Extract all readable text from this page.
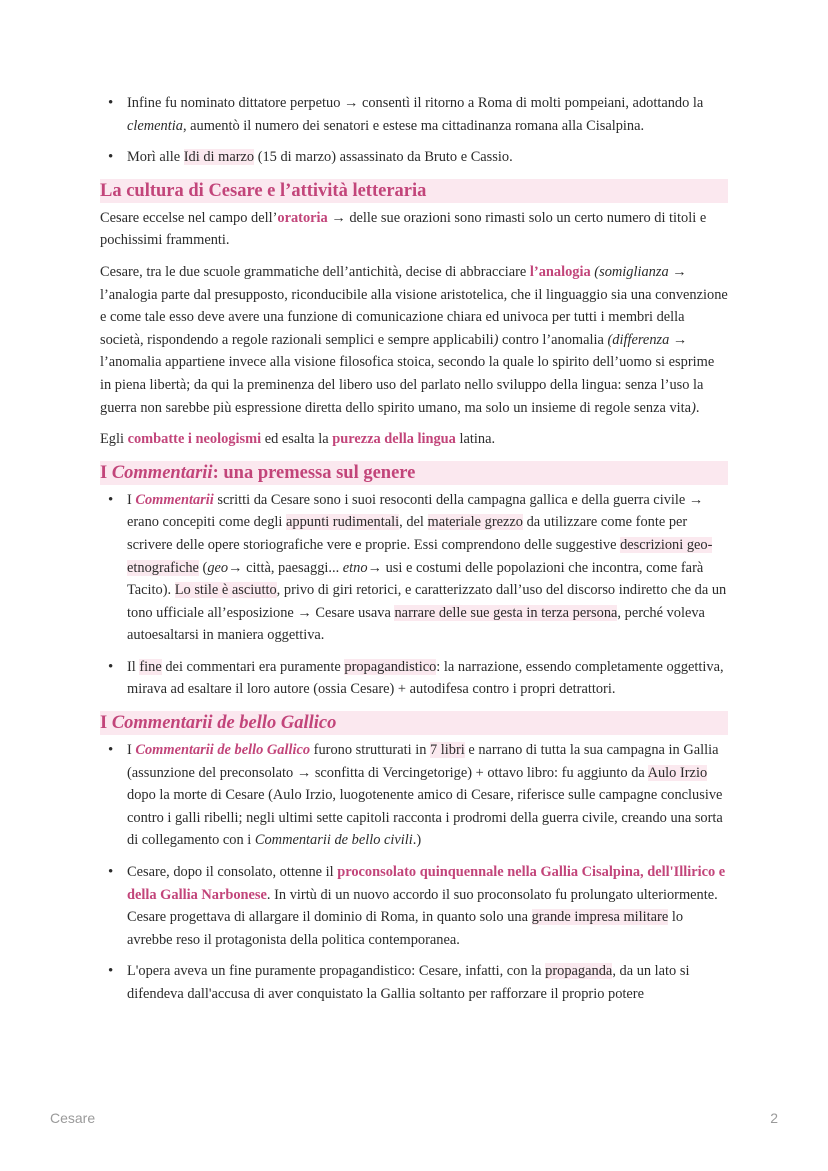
• Infine fu nominato dittatore perpetuo → consentì il ritorno a Roma di molti pompeiani, adottando la clementia, aumentò il numero dei senatori e estese ma cittadinanza romana alla Cisalpina.
• Morì alle Idi di marzo (15 di marzo) assassinato da Bruto e Cassio.
La cultura di Cesare e l’attività letteraria

Cesare eccelse nel campo dell’oratoria → delle sue orazioni sono rimasti solo un certo numero di titoli e pochissimi frammenti.

Cesare, tra le due scuole grammatiche dell’antichità, decise di abbracciare l’analogia (somiglianza → l’analogia parte dal presupposto, riconducibile alla visione aristotelica, che il linguaggio sia una convenzione e come tale esso deve avere una funzione di comunicazione chiara ed univoca per tutti i membri della società, rispondendo a regole razionali semplici e sempre applicabili) contro l’anomalia (differenza → l’anomalia appartiene invece alla visione filosofica stoica, secondo la quale lo spirito dell’uomo si esprime in piena libertà; da qui la preminenza del libero uso del parlato nello sviluppo della lingua: senza l’uso la guerra non sarebbe più espressione diretta dello spirito umano, ma solo un insieme di regole senza vita).

Egli combatte i neologismi ed esalta la purezza della lingua latina.

I Commentarii: una premessa sul genere
• I Commentarii scritti da Cesare sono i suoi resoconti della campagna gallica e della guerra civile → erano concepiti come degli appunti rudimentali, del materiale grezzo da utilizzare come fonte per scrivere delle opere storiografiche vere e proprie. Essi comprendono delle suggestive descrizioni geo-etnografiche (geo→ città, paesaggi... etno→ usi e costumi delle popolazioni che incontra, come farà Tacito). Lo stile è asciutto, privo di giri retorici, e caratterizzato dall’uso del discorso indiretto che da un tono ufficiale all’esposizione → Cesare usava narrare delle sue gesta in terza persona, perché voleva autoesaltarsi in maniera oggettiva.
• Il fine dei commentari era puramente propagandistico: la narrazione, essendo completamente oggettiva, mirava ad esaltare il loro autore (ossia Cesare) + autodifesa contro i propri detrattori.
I Commentarii de bello Gallico
• I Commentarii de bello Gallico furono strutturati in 7 libri e narrano di tutta la sua campagna in Gallia (assunzione del preconsolato → sconfitta di Vercingetorige) + ottavo libro: fu aggiunto da Aulo Irzio dopo la morte di Cesare (Aulo Irzio, luogotenente amico di Cesare, riferisce sulle campagne conclusive contro i galli ribelli; negli ultimi sette capitoli racconta i prodromi della guerra civile, creando una sorta di collegamento con i Commentarii de bello civili.)
• Cesare, dopo il consolato, ottenne il proconsolato quinquennale nella Gallia Cisalpina, dell'Illirico e della Gallia Narbonese. In virtù di un nuovo accordo il suo proconsolato fu prolungato ulteriormente. Cesare progettava di allargare il dominio di Roma, in quanto solo una grande impresa militare lo avrebbe reso il protagonista della politica contemporanea.
• L'opera aveva un fine puramente propagandistico: Cesare, infatti, con la propaganda, da un lato si difendeva dall'accusa di aver conquistato la Gallia soltanto per rafforzare il proprio potere
Cesare	2
